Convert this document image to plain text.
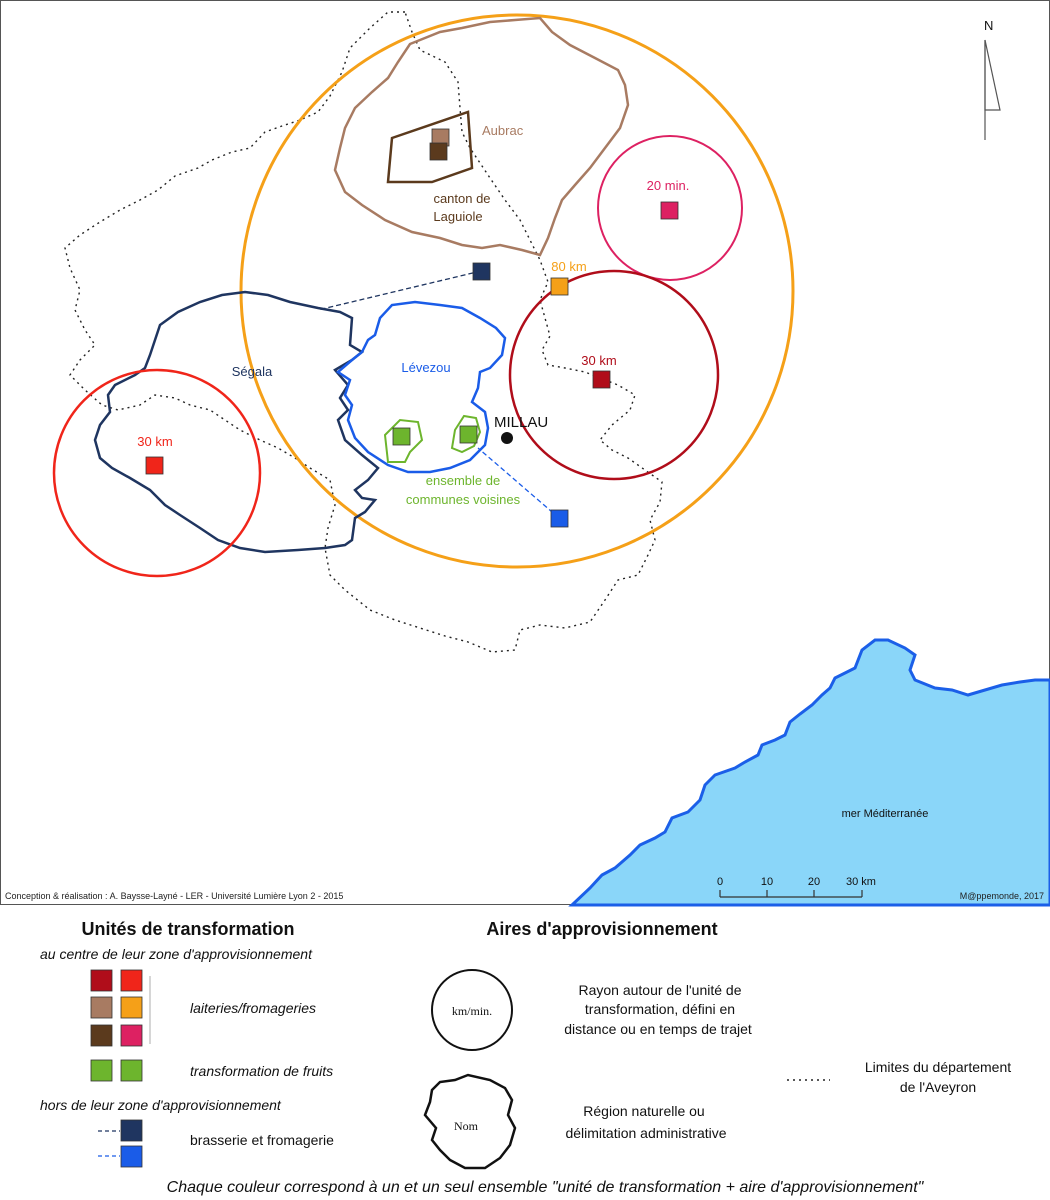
N
Aubrac
canton de
Laguiole
20 min.
80 km
30 km
30 km
Ségala	Lévezou
MILLAU
ensemble de
communes voisines
mer Méditerranée
0	10	20 30 km
Conception & réalisation : A. Baysse-Layné - LER - Université Lumière Lyon 2 - 2015	M@ppemonde, 2017
Unités de transformation
au centre de leur zone d'approvisionnement
laiteries/fromageries
transformation de fruits
hors de leur zone d'approvisionnement
brasserie et fromagerie
Aires d'approvisionnement
km/min.
Rayon autour de l'unité de
transformation, défini en
distance ou en temps de trajet
Nom
Région naturelle ou
délimitation administrative
Limites du département
de l'Aveyron
Chaque couleur correspond à un et un seul ensemble "unité de transformation + aire d'approvisionnement"
